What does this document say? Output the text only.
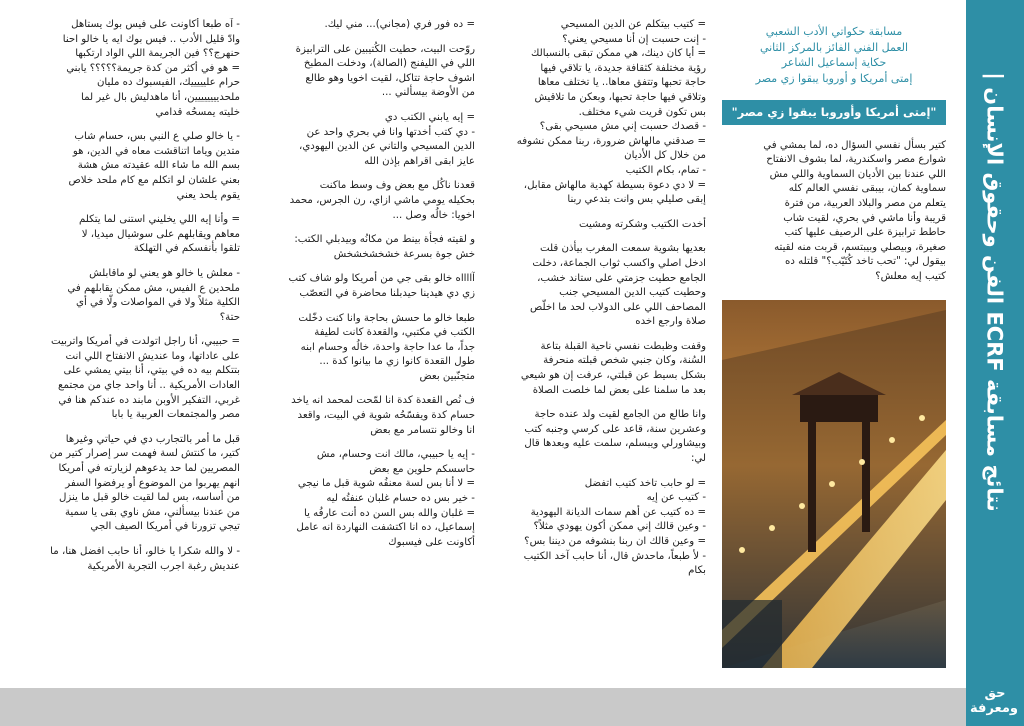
نتائج مسابقة ECRF الفن وحقوق الإنسان |
حق
ومعرفة
مسابقة حكواتي الأدب الشعبي
العمل الفني الفائز بالمركز الثاني
حكاية إسماعيل الشاعر
إمتى أمريكا و أوروبا يبقوا زي مصر
"إمتى أمريكا وأوروبا يبقوا زي مصر"

كتير بسأل نفسي السؤال ده، لما بمشي في
شوارع مصر واسكندرية، لما بشوف الانفتاح
اللي عندنا بين الأديان السماوية واللي مش
سماوية كمان، بيبقى نفسي العالم كله
يتعلم من مصر والبلاد العربية، من فترة
قريبة وأنا ماشي في بحري، لقيت شاب
حاطط ترابيزة على الرصيف عليها كتب
صغيرة، وبيصلي وبيبتسم، قربت منه لقيته
بيقول لي: "تحب تاخد كُتَيّب؟" قلتله ده
كتيب إيه معلش؟

= كتيب بيتكلم عن الدين المسيحي
- إنت حسبت إن أنا مسيحي يعني؟
= أيا كان دينك، هي ممكن تبقى بالنسبالك
رؤية مختلفة كثقافة جديدة، يا تلاقي فيها
حاجة تحبها وتتفق معاها.. يا تختلف معاها
وتلاقي فيها حاجة تحبها، وبعكن ما تلاقيش
بس تكون قريت شيء مختلف.
- قصدك حسبت إني مش مسيحي بقى؟
= صدقني مالهاش ضرورة، ربنا ممكن نشوفه
من خلال كل الأديان
- تمام، بكام الكتيب
= لا دي دعوة بسيطة كهدية مالهاش مقابل،
إبقى صليلي بس وانت بتدعي ربنا

أخدت الكتيب وشكرته ومشيت

بعديها بشوية سمعت المغرب بيأذن قلت
ادخل اصلي واكسب ثواب الجماعة، دخلت
الجامع حطيت جزمتي على ستاند خشب،
وحطيت كتيب الدين المسيحي جنب
المصاحف اللي على الدولاب لحد ما اخلّص
صلاة وارجع اخده

وقفت وظبطت نفسي ناحية القبلة بتاعة
السُنة، وكان جنبي شخص قبلته منحرفة
بشكل بسيط عن قبلتي، عرفت إن هو شيعي
بعد ما سلمنا على بعض لما خلصت الصلاة

وانا طالع من الجامع لقيت ولد عنده حاجة
وعشرين سنة، قاعد على كرسي وجنبه كتب
وبيشاورلي ويبسلم، سلمت عليه وبعدها قال
لي:

= لو حابب تاخد كتيب اتفضل
- كتيب عن إيه
= ده كتيب عن أهم سمات الديانة اليهودية
- وعين قالك إني ممكن أكون يهودي مثلاً؟
= وعين قالك ان ربنا بنشوفه من ديننا بس؟
- لأ طبعاً، ماحدش قال، أنا حابب آخد الكتيب
بكام

= ده فور فري (مجاني)... مني ليك.

روّحت البيت، حطيت الكُتيبين على الترابيزة
اللي في الليفنج (الصالة)، ودخلت المطبخ
اشوف حاجة تتاكل، لقيت اخويا وهو طالع
من الأوضة بيسألني ...

= إيه يابني الكتب دي
- دي كتب أخدتها وانا في بحري واحد عن
الدين المسيحي والتاني عن الدين اليهودي،
عايز ابقى اقراهم بإذن الله

قعدنا ناكُل مع بعض وف وسط ماكنت
بحكيله يومي ماشي ازاي، رن الجرس، محمد
اخويا: خالُه وصل ...

و لقيته فجأة بينط من مكانُه وبيدبلي الكتب:
خش جوة بسرعة خشخشخشخش

آااااه خالو بقى جي من أمريكا ولو شاف كتب
زي دي هيدينا حيدبلنا محاضرة في التعصّب

طبعا خالو ما حسش بحاجة وانا كنت دخّلت
الكتب في مكتبي، والقعدة كانت لطيفة
جداً، ما عدا حاجة واحدة، خالُه وحسام ابنه
طول القعدة كانوا زي ما بيانوا كدة ...
متجنّبين بعض

ف نُص القعدة كدة انا لمّحت لمحمد انه ياخد
حسام كدة ويفسّحُه شوية في البيت، واقعد
انا وخالو نتسامر مع بعض

- إيه يا حبيبي، مالك انت وحسام، مش
حاسسكم حلوين مع بعض
= لا أنا بس لسة معنفُه شوية قبل ما نيجي
- خير بس ده حسام غلبان عنفتُه ليه
= غلبان والله بس السن ده أنت عارفُه يا
إسماعيل، ده انا اكتشفت النهاردة انه عامل
أكاونت على فيسبوك

- آه طبعا أكاونت على فيس بوك يستاهل
وادّ قليل الأدب .. فيس بوك ايه يا خالو احنا
حنهرج؟؟ فين الجريمة اللي الواد ارتكبها
= هو في أكثر من كدة جريمة؟؟؟؟؟ يابني
حرام عليييييك، الفيسبوك ده مليان
ملحديييييييين، أنا ماهدليش بال غير لما
خليته يمسحُه قدامي

- يا خالو صلي ع النبي بس، حسام شاب
متدين وياما اتناقشت معاه في الدين، هو
بسم الله ما شاء الله عقيدته مش هشة
بعني علشان لو اتكلم مع كام ملحد خلاص
يقوم يلحد يعني

= وأنا إيه اللي يخليني استنى لما يتكلم
معاهم ويقابلهم على سوشيال ميديا، لا
تلقوا بأنفسكم في التهلكة

- معلش يا خالو هو يعني لو ماقابلش
ملحدين ع الفيس، مش ممكن يقابلهم في
الكلية مثلاً ولا في المواصلات ولّا في أي
حتة؟

= حبيبي، أنا راجل اتولدت في أمريكا واتربيت
على عاداتها، وما عنديش الانفتاح اللي انت
بتتكلم بيه ده في بيتي، أنا بيتي يمشي على
العادات الأمريكية .. أنا واحد جاي من مجتمع
غربي، التفكير الأوبن مابند ده عندكم هنا في
مصر والمجتمعات العربية يا بابا

قبل ما أمر بالتجارب دي في حياتي وغيرها
كتير، ما كنتش لسة فهمت سر إصرار كتير من
المصريين لما حد يدعوهم لزيارته في أمريكا
انهم يهربوا من الموضوع أو يرفضوا السفر
من أساسه، بس لما لقيت خالو قبل ما ينزل
من عندنا بيسألني، مش ناوي بقى يا سمية
تيجي تزورنا في أمريكا الصيف الجي

- لا والله شكرا يا خالو، أنا حابب افضل هنا، ما
عنديش رغبة اجرب التجربة الأمريكية
